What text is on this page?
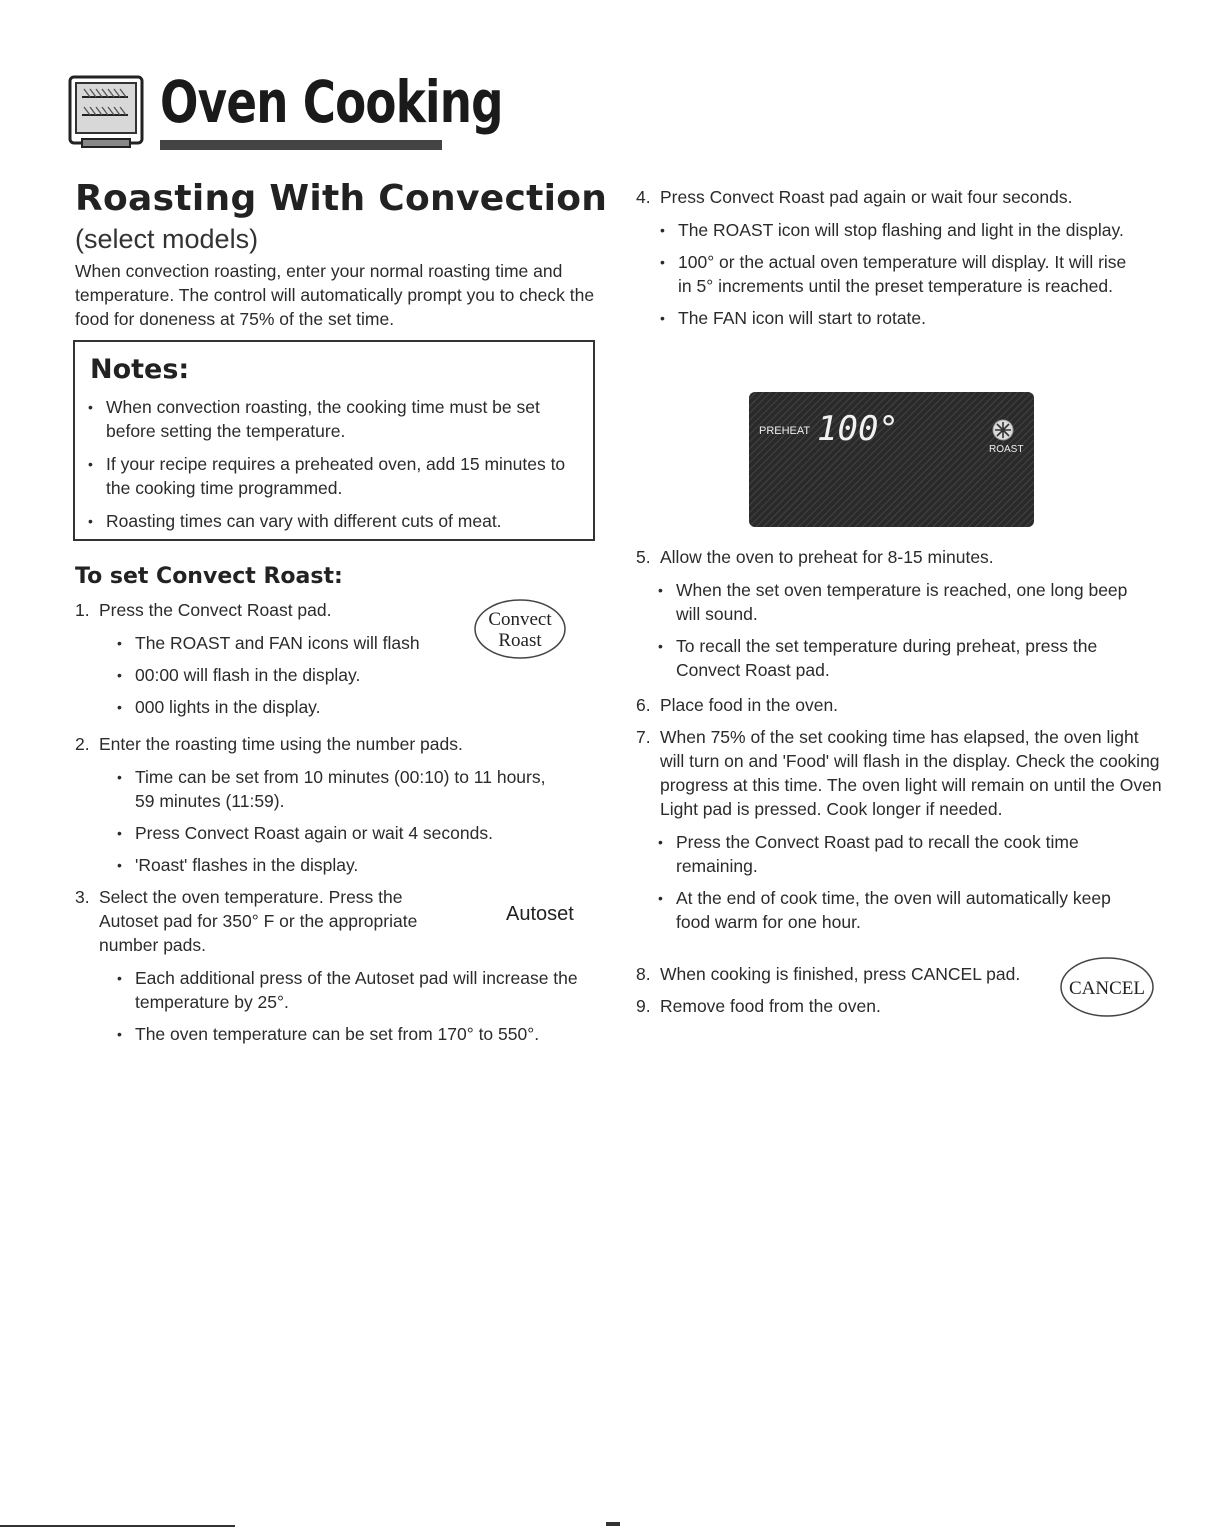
Oven Cooking
Roasting With Convection
(select models)
When convection roasting, enter your normal roasting time and temperature. The control will automatically prompt you to check the food for doneness at 75% of the set time.
Notes:
• When convection roasting, the cooking time must be set before setting the temperature.
• If your recipe requires a preheated oven, add 15 minutes to the cooking time programmed.
• Roasting times can vary with different cuts of meat.
To set Convect Roast:
1. Press the Convect Roast pad.
• The ROAST and FAN icons will flash
• 00:00 will flash in the display.
• 000 lights in the display.
Convect
Roast
2. Enter the roasting time using the number pads.
• Time can be set from 10 minutes (00:10) to 11 hours, 59 minutes (11:59).
• Press Convect Roast again or wait 4 seconds.
• 'Roast' flashes in the display.
3. Select the oven temperature. Press the Autoset pad for 350° F or the appropriate number pads.
• Each additional press of the Autoset pad will increase the temperature by 25°.
• The oven temperature can be set from 170° to 550°.
Autoset
4. Press Convect Roast pad again or wait four seconds.
• The ROAST icon will stop flashing and light in the display.
• 100° or the actual oven temperature will display. It will rise in 5° increments until the preset temperature is reached.
• The FAN icon will start to rotate.
PREHEAT 100°
ROAST
5. Allow the oven to preheat for 8-15 minutes.
• When the set oven temperature is reached, one long beep will sound.
• To recall the set temperature during preheat, press the Convect Roast pad.
6. Place food in the oven.
7. When 75% of the set cooking time has elapsed, the oven light will turn on and 'Food' will flash in the display. Check the cooking progress at this time. The oven light will remain on until the Oven Light pad is pressed. Cook longer if needed.
• Press the Convect Roast pad to recall the cook time remaining.
• At the end of cook time, the oven will automatically keep food warm for one hour.
8. When cooking is finished, press CANCEL pad.
9. Remove food from the oven.
CANCEL
